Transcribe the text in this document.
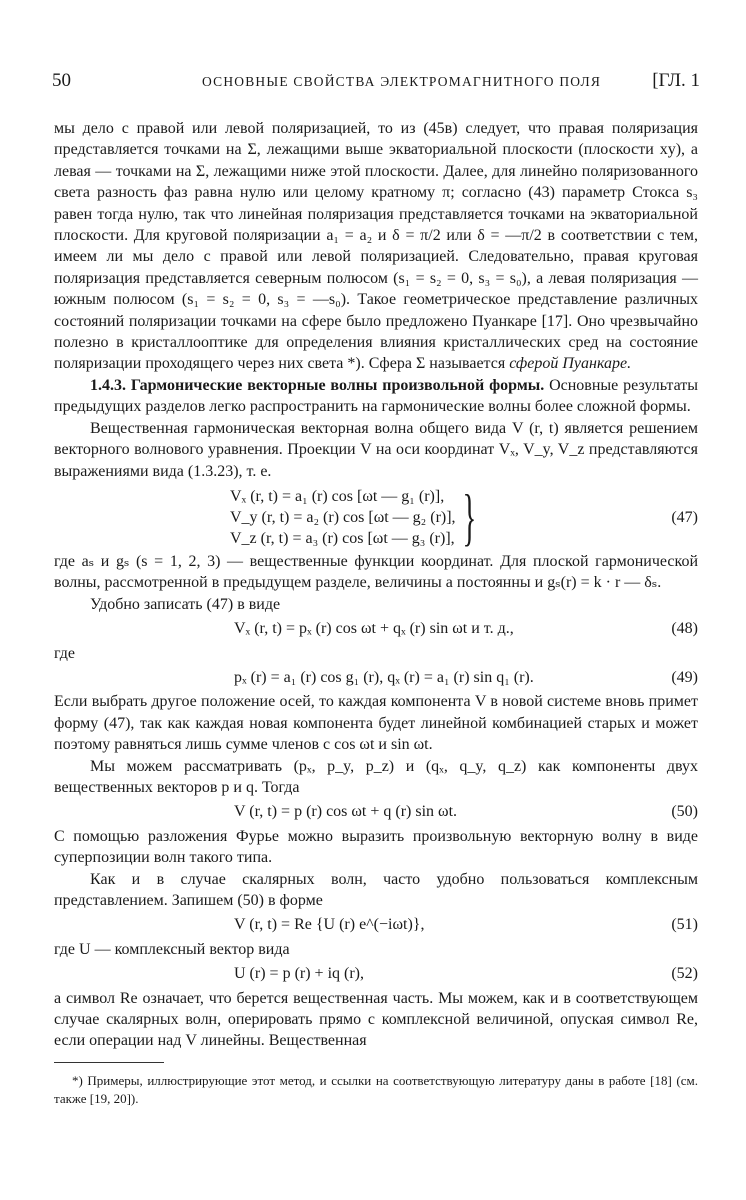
50	ОСНОВНЫЕ СВОЙСТВА ЭЛЕКТРОМАГНИТНОГО ПОЛЯ	[ГЛ. 1

мы дело с правой или левой поляризацией, то из (45в) следует, что правая поляризация представляется точками на Σ, лежащими выше экваториальной плоскости (плоскости xy), а левая — точками на Σ, лежащими ниже этой плоскости. Далее, для линейно поляризованного света разность фаз равна нулю или целому кратному π; согласно (43) параметр Стокса s₃ равен тогда нулю, так что линейная поляризация представляется точками на экваториальной плоскости. Для круговой поляризации a₁ = a₂ и δ = π/2 или δ = —π/2 в соответствии с тем, имеем ли мы дело с правой или левой поляризацией. Следовательно, правая круговая поляризация представляется северным полюсом (s₁ = s₂ = 0, s₃ = s₀), а левая поляризация — южным полюсом (s₁ = s₂ = 0, s₃ = —s₀). Такое геометрическое представление различных состояний поляризации точками на сфере было предложено Пуанкаре [17]. Оно чрезвычайно полезно в кристаллооптике для определения влияния кристаллических сред на состояние поляризации проходящего через них света *). Сфера Σ называется сферой Пуанкаре.

1.4.3. Гармонические векторные волны произвольной формы. Основные результаты предыдущих разделов легко распространить на гармонические волны более сложной формы.

Вещественная гармоническая векторная волна общего вида V (r, t) является решением векторного волнового уравнения. Проекции V на оси координат Vₓ, V_y, V_z представляются выражениями вида (1.3.23), т. е.

Vₓ (r, t) = a₁ (r) cos [ωt — g₁ (r)],
V_y (r, t) = a₂ (r) cos [ωt — g₂ (r)],
V_z (r, t) = a₃ (r) cos [ωt — g₃ (r)], }	(47)

где aₛ и gₛ (s = 1, 2, 3) — вещественные функции координат. Для плоской гармонической волны, рассмотренной в предыдущем разделе, величины a постоянны и gₛ(r) = k · r — δₛ.

Удобно записать (47) в виде

Vₓ (r, t) = pₓ (r) cos ωt + qₓ (r) sin ωt и т. д.,	(48)

где

pₓ (r) = a₁ (r) cos g₁ (r), qₓ (r) = a₁ (r) sin q₁ (r).	(49)

Если выбрать другое положение осей, то каждая компонента V в новой системе вновь примет форму (47), так как каждая новая компонента будет линейной комбинацией старых и может поэтому равняться лишь сумме членов с cos ωt и sin ωt.

Мы можем рассматривать (pₓ, p_y, p_z) и (qₓ, q_y, q_z) как компоненты двух вещественных векторов p и q. Тогда

V (r, t) = p (r) cos ωt + q (r) sin ωt.	(50)

С помощью разложения Фурье можно выразить произвольную векторную волну в виде суперпозиции волн такого типа.

Как и в случае скалярных волн, часто удобно пользоваться комплексным представлением. Запишем (50) в форме

V (r, t) = Re {U (r) e^(−iωt)},	(51)

где U — комплексный вектор вида

U (r) = p (r) + iq (r),	(52)

а символ Re означает, что берется вещественная часть. Мы можем, как и в соответствующем случае скалярных волн, оперировать прямо с комплексной величиной, опуская символ Re, если операции над V линейны. Вещественная

*) Примеры, иллюстрирующие этот метод, и ссылки на соответствующую литературу даны в работе [18] (см. также [19, 20]).
